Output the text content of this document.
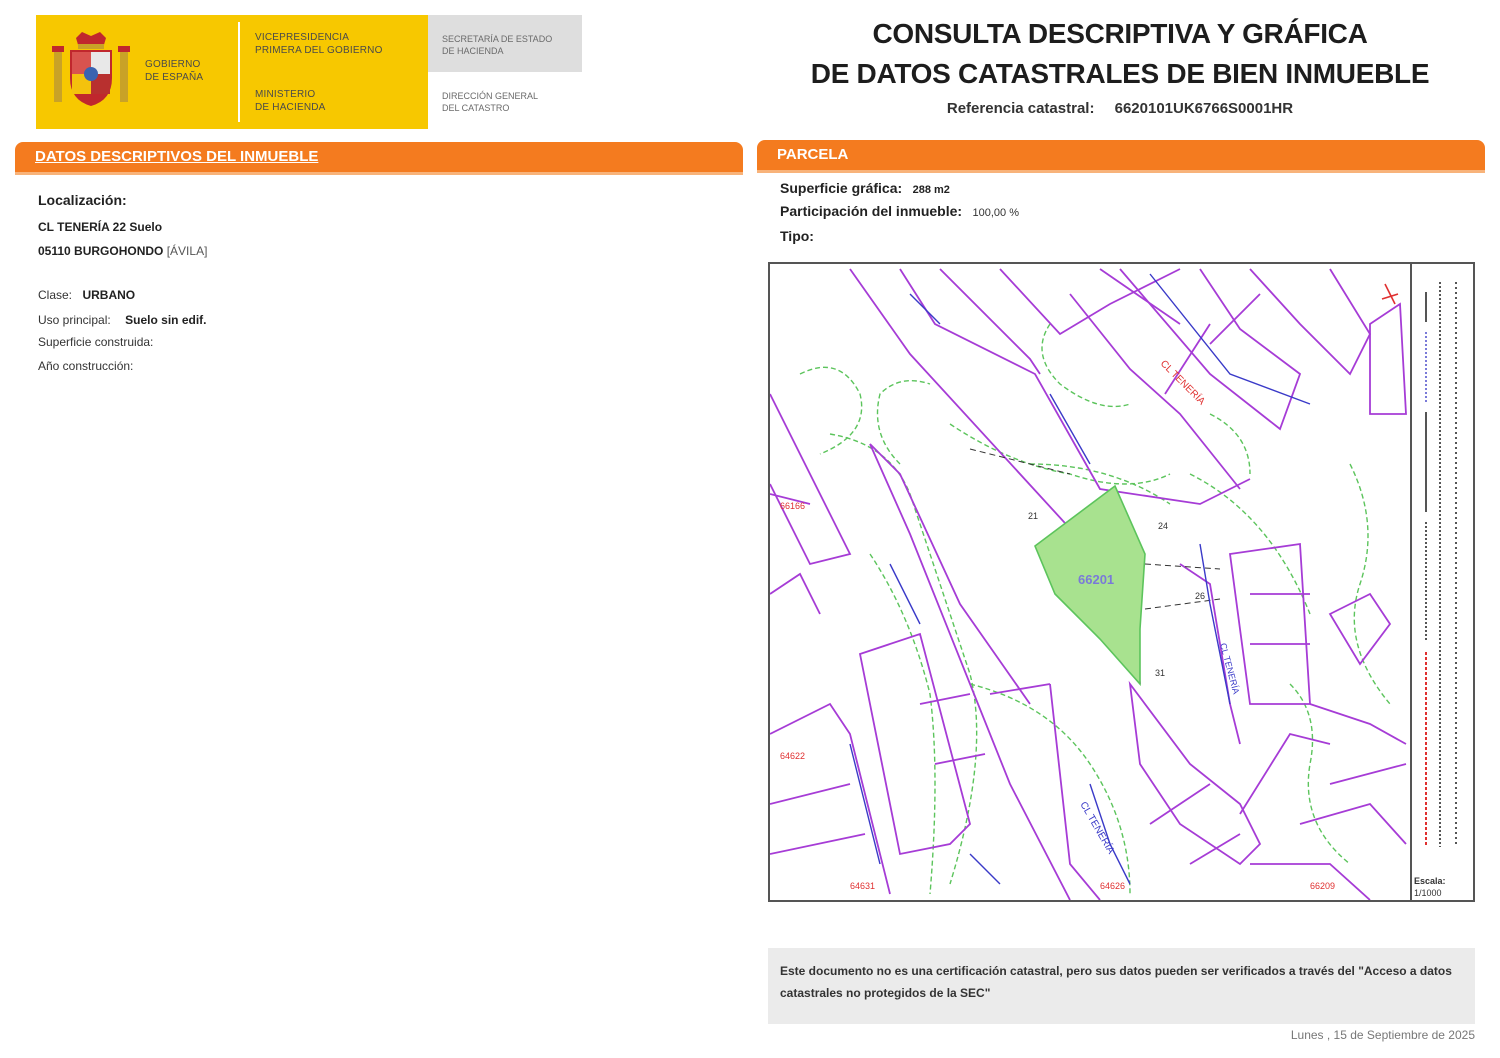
GOBIERNO
DE ESPAÑA
VICEPRESIDENCIA
PRIMERA DEL GOBIERNO
MINISTERIO
DE HACIENDA
SECRETARÍA DE ESTADO
DE HACIENDA
DIRECCIÓN GENERAL
DEL CATASTRO
CONSULTA DESCRIPTIVA Y GRÁFICA
DE DATOS CATASTRALES DE BIEN INMUEBLE
Referencia catastral: 6620101UK6766S0001HR
DATOS DESCRIPTIVOS DEL INMUEBLE
Localización:
CL TENERÍA 22 Suelo
05110 BURGOHONDO [ÁVILA]
Clase: URBANO
Uso principal: Suelo sin edif.
Superficie construida:
Año construcción:
PARCELA
Superficie gráfica: 288 m2
Participación del inmueble: 100,00 %
Tipo:
66201
CL TENERÍA
CL TENERÍA
CL TENERÍA
66166
64622
64631	64626	66209
21
24
31
26
Escala:
1/1000
Este documento no es una certificación catastral, pero sus datos pueden ser verificados a través del "Acceso a datos catastrales no protegidos de la SEC"
Lunes , 15 de Septiembre de 2025
